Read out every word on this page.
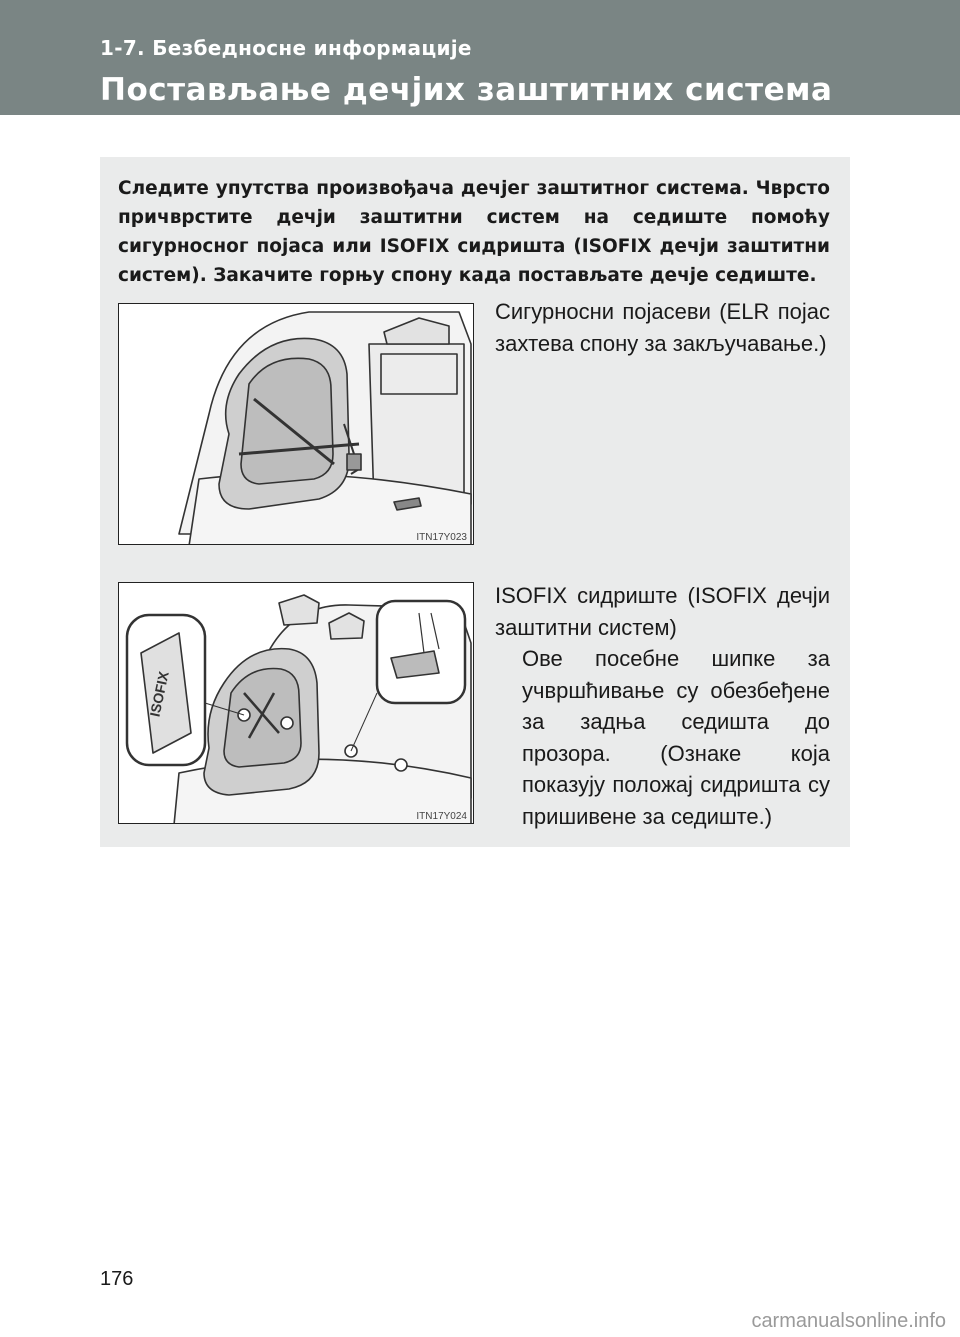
1-7. Безбедносне информације
Постављање дечјих заштитних система
Следите упутства произвођача дечјег заштитног система. Чврсто причврстите дечји заштитни систем на седиште помоћу сигурносног појаса или ISOFIX сидришта (ISOFIX дечји заштитни систем). Закачите горњу спону када постављате дечје седиште.
ITN17Y023
Сигурносни појасеви (ELR појас захтева спону за закључавање.)
ISOFIX
ITN17Y024
ISOFIX сидриште (ISOFIX дечји заштитни систем)
Ове посебне шипке за учвршћивање су обезбеђене за задња седишта до прозора. (Ознаке која показују положај сидришта су пришивене за седиште.)
176
carmanualsonline.info
